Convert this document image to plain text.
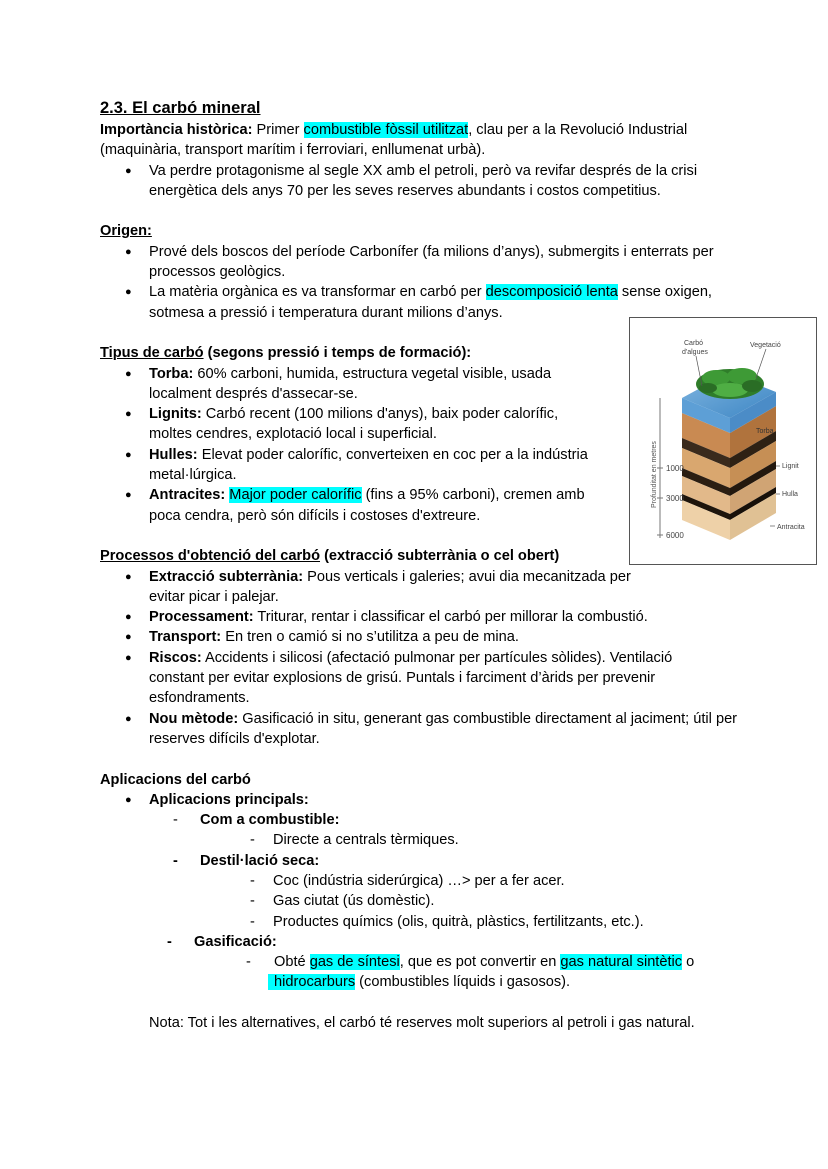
2.3. El carbó mineral

Importància històrica: Primer combustible fòssil utilitzat, clau per a la Revolució Industrial (maquinària, transport marítim i ferroviari, enllumenat urbà).

● Va perdre protagonisme al segle XX amb el petroli, però va revifar després de la crisi energètica dels anys 70 per les seves reserves abundants i costos competitius.

Origen:

● Prové dels boscos del període Carbonífer (fa milions d’anys), submergits i enterrats per processos geològics.
● La matèria orgànica es va transformar en carbó per descomposició lenta sense oxigen, sotmesa a pressió i temperatura durant milions d’anys.

Tipus de carbó (segons pressió i temps de formació):

● Torba: 60% carboni, humida, estructura vegetal visible, usada localment després d'assecar-se.
● Lignits: Carbó recent (100 milions d'anys), baix poder calorífic, moltes cendres, explotació local i superficial.
● Hulles: Elevat poder calorífic, converteixen en coc per a la indústria metal·lúrgica.
● Antracites: Major poder calorífic (fins a 95% carboni), cremen amb poca cendra, però són difícils i costoses d'extreure.

Processos d'obtenció del carbó (extracció subterrània o cel obert)

● Extracció subterrània: Pous verticals i galeries; avui dia mecanitzada per evitar picar i palejar.
● Processament: Triturar, rentar i classificar el carbó per millorar la combustió.
● Transport: En tren o camió si no s’utilitza a peu de mina.
● Riscos: Accidents i silicosi (afectació pulmonar per partícules sòlides). Ventilació constant per evitar explosions de grisú. Puntals i farciment d’àrids per prevenir esfondraments.
● Nou mètode: Gasificació in situ, generant gas combustible directament al jaciment; útil per reserves difícils d'explotar.

Aplicacions del carbó

● Aplicacions principals:
- Com a combustible:
- Directe a centrals tèrmiques.
- Destil·lació seca:
- Coc (indústria siderúrgica) …> per a fer acer.
- Gas ciutat (ús domèstic).
- Productes químics (olis, quitrà, plàstics, fertilitzants, etc.).
- Gasificació:
- Obté gas de síntesi, que es pot convertir en gas natural sintètic o
hidrocarburs (combustibles líquids i gasosos).

Nota: Tot i les alternatives, el carbó té reserves molt superiors al petroli i gas natural.

1000
3000
6000
Profunditat en metres
Carbó
d'algues
Vegetació
Torba
Lignit
Hulla
Antracita
